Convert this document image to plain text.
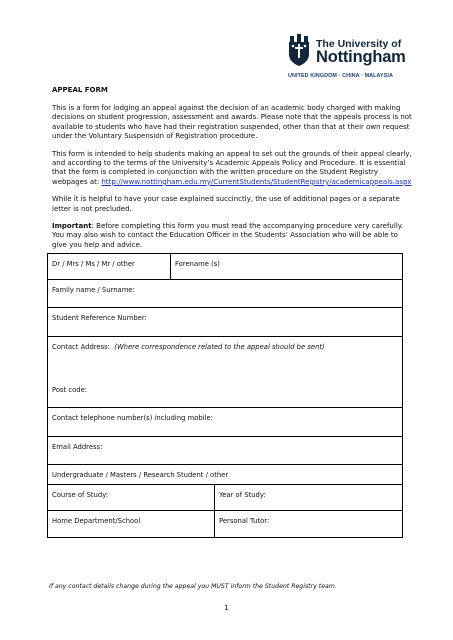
The University of
Nottingham
UNITED KINGDOM · CHINA · MALAYSIA
APPEAL FORM

This is a form for lodging an appeal against the decision of an academic body charged with making decisions on student progression, assessment and awards. Please note that the appeals process is not available to students who have had their registration suspended, other than that at their own request under the Voluntary Suspension of Registration procedure.

This form is intended to help students making an appeal to set out the grounds of their appeal clearly, and according to the terms of the University’s Academic Appeals Policy and Procedure. It is essential that the form is completed in conjunction with the written procedure on the Student Registry webpages at: http://www.nottingham.edu.my/CurrentStudents/StudentRegistry/academicappeals.aspx

While it is helpful to have your case explained succinctly, the use of additional pages or a separate letter is not precluded.

Important: Before completing this form you must read the accompanying procedure very carefully. You may also wish to contact the Education Officer in the Students’ Association who will be able to give you help and advice.

Dr / Mrs / Ms / Mr / other	Forename (s)	
Family name / Surname:		
Student Reference Number:		
Contact Address: (Where correspondence related to the appeal should be sent)
Post code:		
Contact telephone number(s) including mobile:		
Email Address:		
Undergraduate / Masters / Research Student / other		
Course of Study:		Year of Study:
Home Department/School		Personal Tutor:
If any contact details change during the appeal you MUST inform the Student Registry team.
1
